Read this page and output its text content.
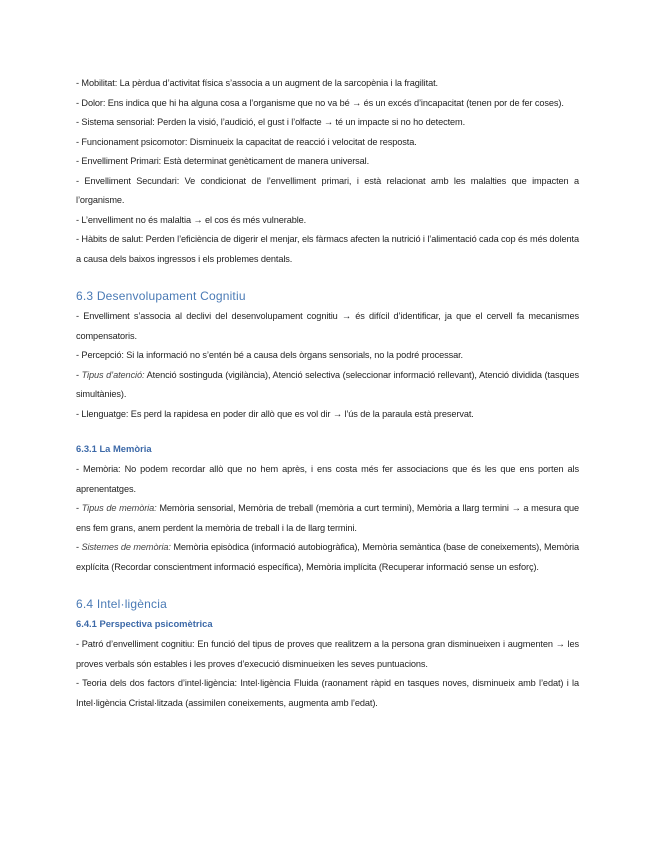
- Mobilitat: La pèrdua d’activitat física s’associa a un augment de la sarcopènia i la fragilitat.

- Dolor: Ens indica que hi ha alguna cosa a l’organisme que no va bé → és un excés d’incapacitat (tenen por de fer coses).

- Sistema sensorial: Perden la visió, l’audició, el gust i l’olfacte → té un impacte si no ho detectem.

- Funcionament psicomotor: Disminueix la capacitat de reacció i velocitat de resposta.

- Envelliment Primari: Està determinat genèticament de manera universal.

- Envelliment Secundari: Ve condicionat de l’envelliment primari, i està relacionat amb les malalties que impacten a l’organisme.

- L’envelliment no és malaltia → el cos és més vulnerable.

- Hàbits de salut: Perden l’eficiència de digerir el menjar, els fàrmacs afecten la nutrició i l’alimentació cada cop és més dolenta a causa dels baixos ingressos i els problemes dentals.

6.3 Desenvolupament Cognitiu

- Envelliment s’associa al declivi del desenvolupament cognitiu → és difícil d’identificar, ja que el cervell fa mecanismes compensatoris.

- Percepció: Si la informació no s’entén bé a causa dels òrgans sensorials, no la podré processar.

- Tipus d’atenció: Atenció sostinguda (vigilància), Atenció selectiva (seleccionar informació rellevant), Atenció dividida (tasques simultànies).

- Llenguatge: Es perd la rapidesa en poder dir allò que es vol dir → l’ús de la paraula està preservat.

6.3.1 La Memòria

- Memòria: No podem recordar allò que no hem après, i ens costa més fer associacions que és les que ens porten als aprenentatges.

- Tipus de memòria: Memòria sensorial, Memòria de treball (memòria a curt termini), Memòria a llarg termini → a mesura que ens fem grans, anem perdent la memòria de treball i la de llarg termini.

- Sistemes de memòria: Memòria episòdica (informació autobiogràfica), Memòria semàntica (base de coneixements), Memòria explícita (Recordar conscientment informació específica), Memòria implícita (Recuperar informació sense un esforç).

6.4 Intel·ligència
6.4.1 Perspectiva psicomètrica

- Patró d’envelliment cognitiu: En funció del tipus de proves que realitzem a la persona gran disminueixen i augmenten → les proves verbals són estables i les proves d’execució disminueixen les seves puntuacions.

- Teoria dels dos factors d’intel·ligència: Intel·ligència Fluida (raonament ràpid en tasques noves, disminueix amb l’edat) i la Intel·ligència Cristal·litzada (assimilen coneixements, augmenta amb l’edat).
